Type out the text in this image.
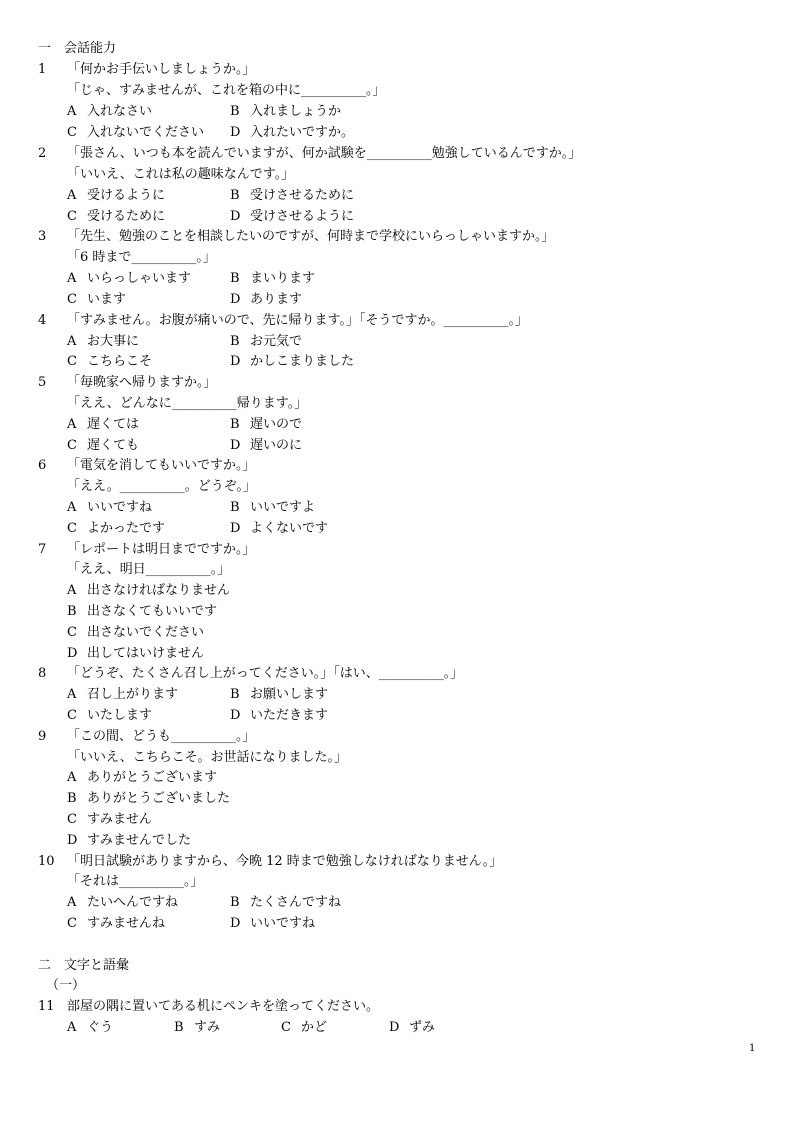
一　会話能力
1	「何かお手伝いしましょうか。」
「じゃ、すみませんが、これを箱の中に__________。」
A 入れなさい	B 入れましょうか
C 入れないでください D 入れたいですか。
2	「張さん、いつも本を読んでいますが、何か試験を__________勉強しているんですか。」
「いいえ、これは私の趣味なんです。」
A 受けるように	B 受けさせるために
C 受けるために	D 受けさせるように
3	「先生、勉強のことを相談したいのですが、何時まで学校にいらっしゃいますか。」
「6 時まで__________。」
A いらっしゃいます	B まいります
C います	D あります
4	「すみません。お腹が痛いので、先に帰ります。」「そうですか。__________。」
A お大事に	B お元気で
C こちらこそ	D かしこまりました
5	「毎晩家へ帰りますか。」
「ええ、どんなに__________帰ります。」
A 遅くては	B 遅いので
C 遅くても	D 遅いのに
6	「電気を消してもいいですか。」
「ええ。__________。どうぞ。」
A いいですね	B いいですよ
C よかったです	D よくないです
7	「レポートは明日までですか。」
「ええ、明日__________。」
A 出さなければなりません
B 出さなくてもいいです
C 出さないでください
D 出してはいけません
8	「どうぞ、たくさん召し上がってください。」「はい、__________。」
A 召し上がります	B お願いします
C いたします	D いただきます
9	「この間、どうも__________。」
「いいえ、こちらこそ。お世話になりました。」
A ありがとうございます
B ありがとうございました
C すみません
D すみませんでした
10 「明日試験がありますから、今晩 12 時まで勉強しなければなりません。」
「それは__________。」
A たいへんですね	B たくさんですね
C すみませんね	D いいですね
二　文字と語彙
（一）
11 部屋の隅に置いてある机にペンキを塗ってください。
A ぐう	B すみ	C かど	D ずみ
1
